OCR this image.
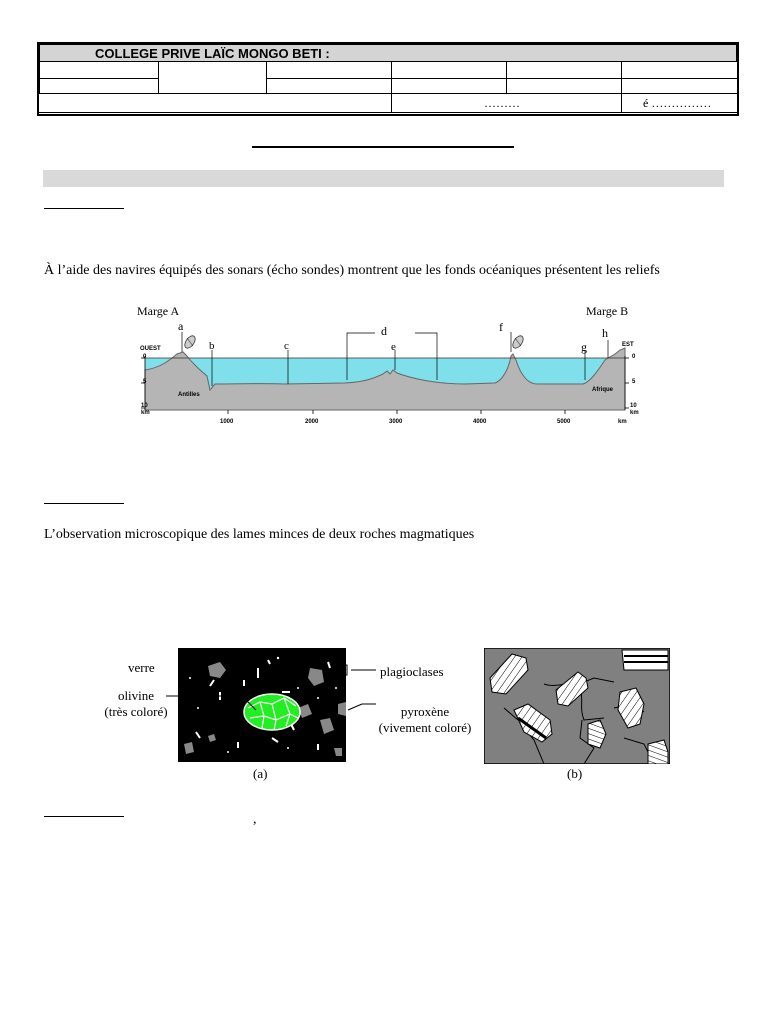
COLLEGE PRIVE LAÏC MONGO BETI :					

………	é ……………
À l’aide des navires équipés des sonars (écho sondes) montrent que les fonds océaniques présentent les reliefs
Marge A	Marge B
a
b	c
d
e
f
g
h
OUEST
EST
0
5
10
km
0
5
10
km
Antilles
Afrique
1000	2000	3000	4000	5000	km
L’observation microscopique des lames minces de deux roches magmatiques
verre
olivine
(très coloré)
plagioclases
pyroxène
(vivement coloré)
(a)	(b)
,
